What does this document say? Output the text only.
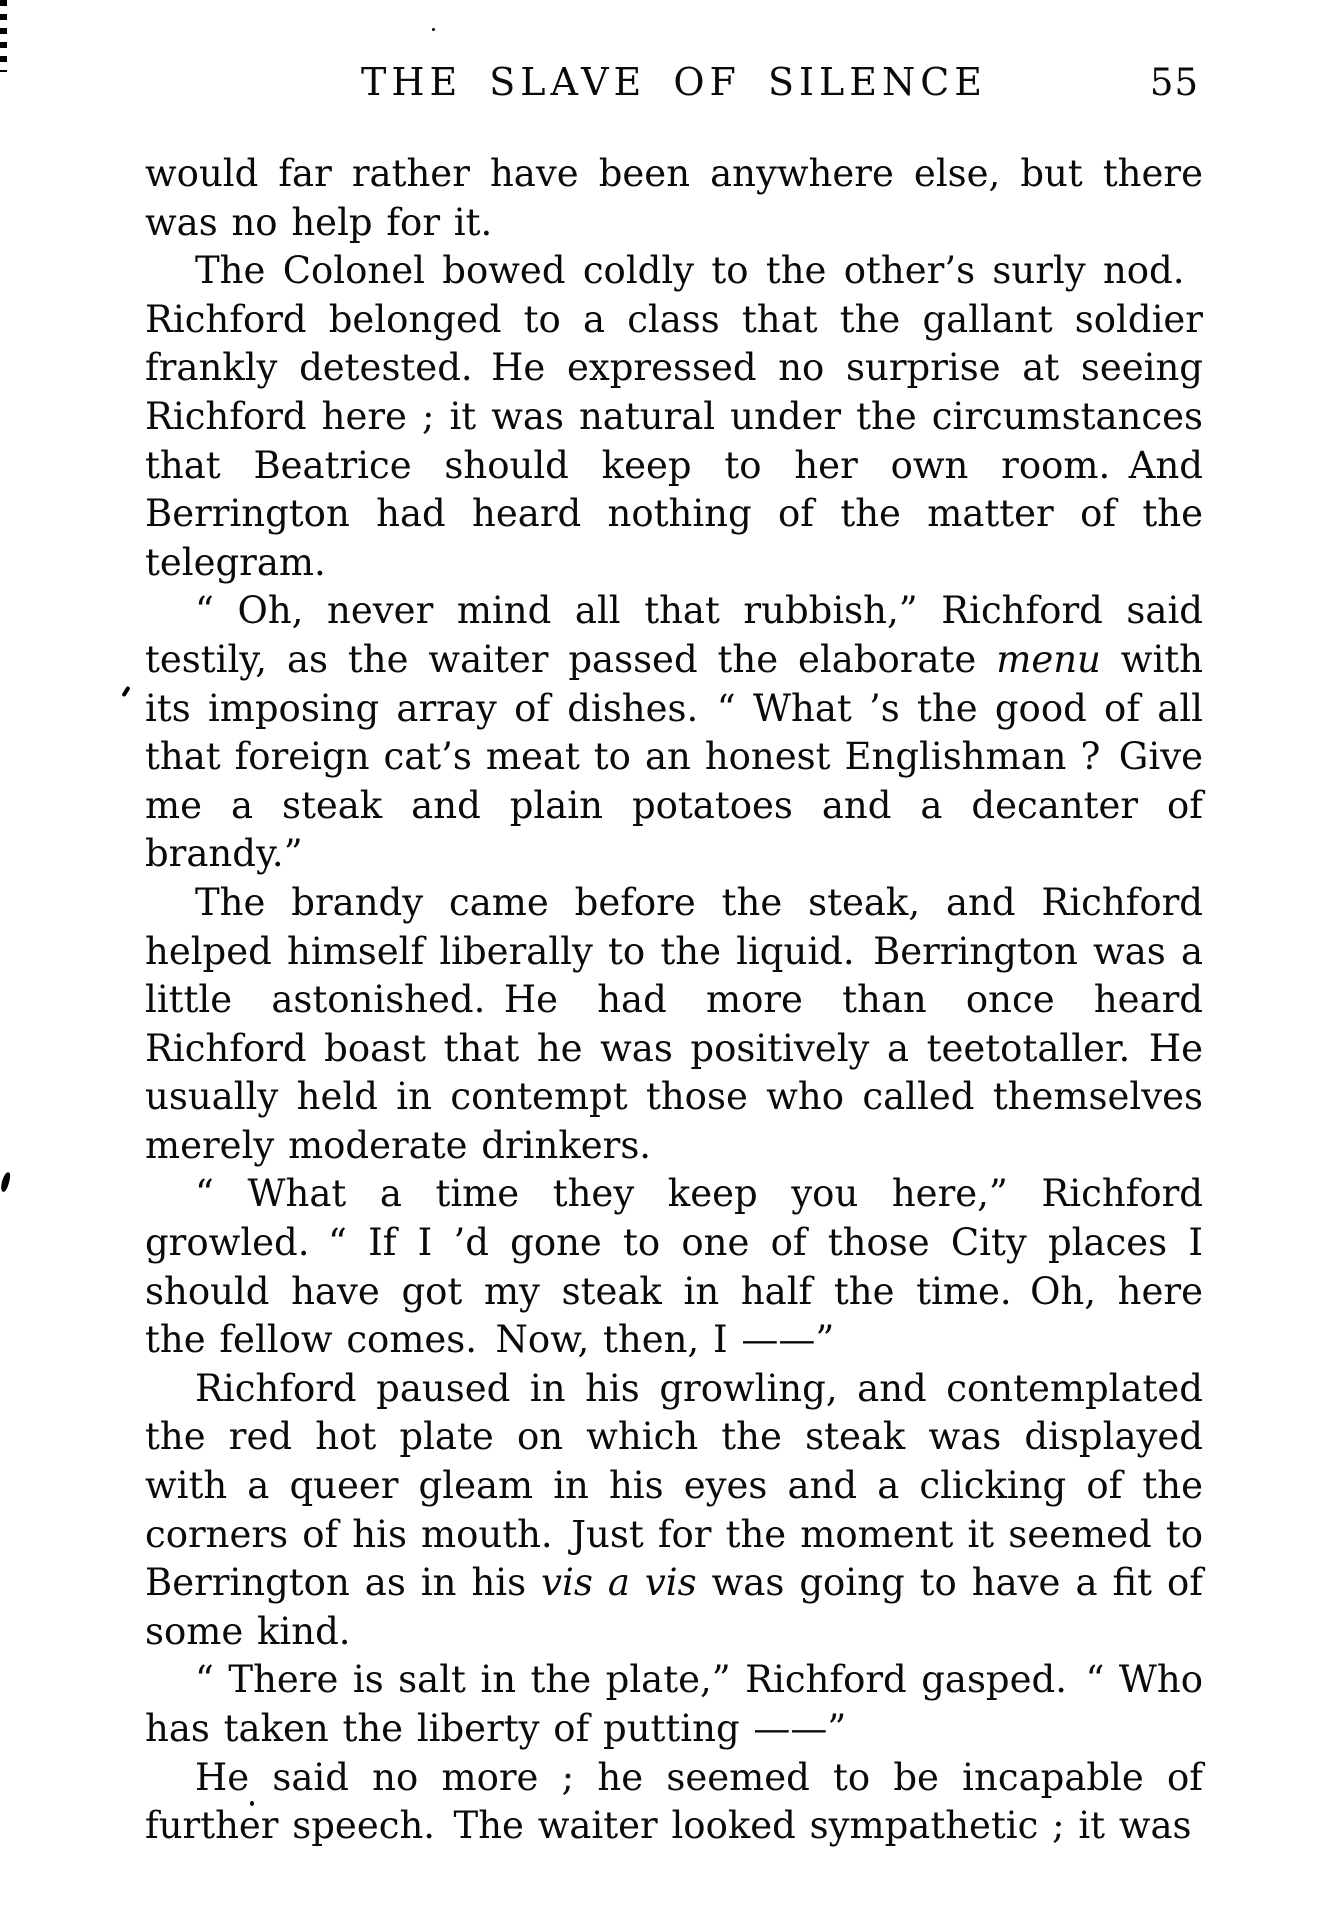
THE SLAVE OF SILENCE	55

would far rather have been anywhere else, but there was no help for it.

The Colonel bowed coldly to the other’s surly nod. Richford belonged to a class that the gallant soldier frankly detested. He expressed no surprise at seeing Richford here ; it was natural under the circumstances that Beatrice should keep to her own room. And Berrington had heard nothing of the matter of the telegram.

“ Oh, never mind all that rubbish,” Richford said testily, as the waiter passed the elaborate menu with its imposing array of dishes. “ What ’s the good of all that foreign cat’s meat to an honest Englishman ? Give me a steak and plain potatoes and a decanter of brandy.”

The brandy came before the steak, and Richford helped himself liberally to the liquid. Berrington was a little astonished. He had more than once heard Richford boast that he was positively a teetotaller. He usually held in contempt those who called themselves merely moderate drinkers.

“ What a time they keep you here,” Richford growled. “ If I ’d gone to one of those City places I should have got my steak in half the time. Oh, here the fellow comes. Now, then, I ——”

Richford paused in his growling, and contemplated the red hot plate on which the steak was displayed with a queer gleam in his eyes and a clicking of the corners of his mouth. Just for the moment it seemed to Berrington as in his vis a vis was going to have a fit of some kind.

“ There is salt in the plate,” Richford gasped. “ Who has taken the liberty of putting ——”

He said no more ; he seemed to be incapable of further speech. The waiter looked sympathetic ; it was
